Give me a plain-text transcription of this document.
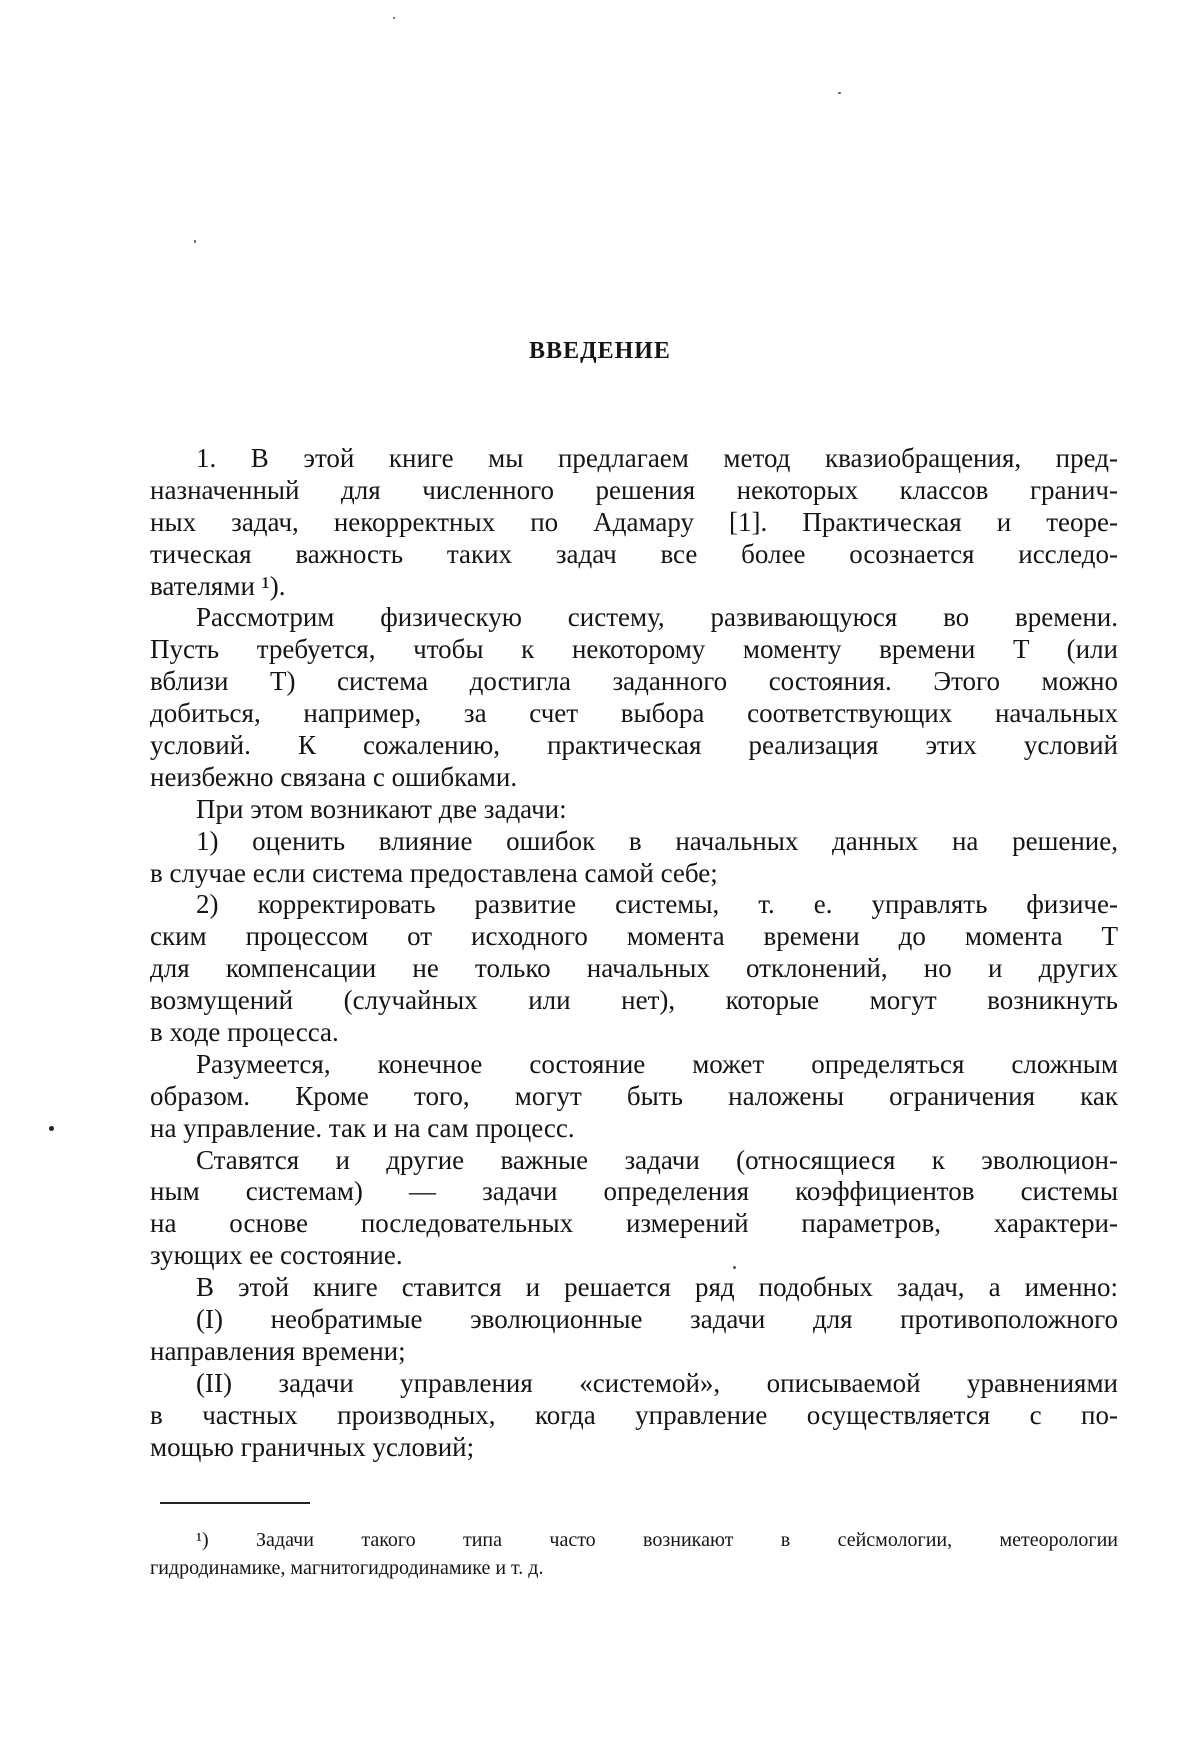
ВВЕДЕНИЕ
1. В этой книге мы предлагаем метод квазиобращения, пред-
назначенный для численного решения некоторых классов гранич-
ных задач, некорректных по Адамару [1]. Практическая и теоре-
тическая важность таких задач все более осознается исследо-
вателями ¹).
Рассмотрим физическую систему, развивающуюся во времени.
Пусть требуется, чтобы к некоторому моменту времени T (или
вблизи T) система достигла заданного состояния. Этого можно
добиться, например, за счет выбора соответствующих начальных
условий. К сожалению, практическая реализация этих условий
неизбежно связана с ошибками.
При этом возникают две задачи:
1) оценить влияние ошибок в начальных данных на решение,
в случае если система предоставлена самой себе;
2) корректировать развитие системы, т. е. управлять физиче-
ским процессом от исходного момента времени до момента T
для компенсации не только начальных отклонений, но и других
возмущений (случайных или нет), которые могут возникнуть
в ходе процесса.
Разумеется, конечное состояние может определяться сложным
образом. Кроме того, могут быть наложены ограничения как
на управление. так и на сам процесс.
Ставятся и другие важные задачи (относящиеся к эволюцион-
ным системам) — задачи определения коэффициентов системы
на основе последовательных измерений параметров, характери-
зующих ее состояние.
В этой книге ставится и решается ряд подобных задач, а именно:
(I) необратимые эволюционные задачи для противоположного
направления времени;
(II) задачи управления «системой», описываемой уравнениями
в частных производных, когда управление осуществляется с по-
мощью граничных условий;
¹) Задачи такого типа часто возникают в сейсмологии, метеорологии
гидродинамике, магнитогидродинамике и т. д.
